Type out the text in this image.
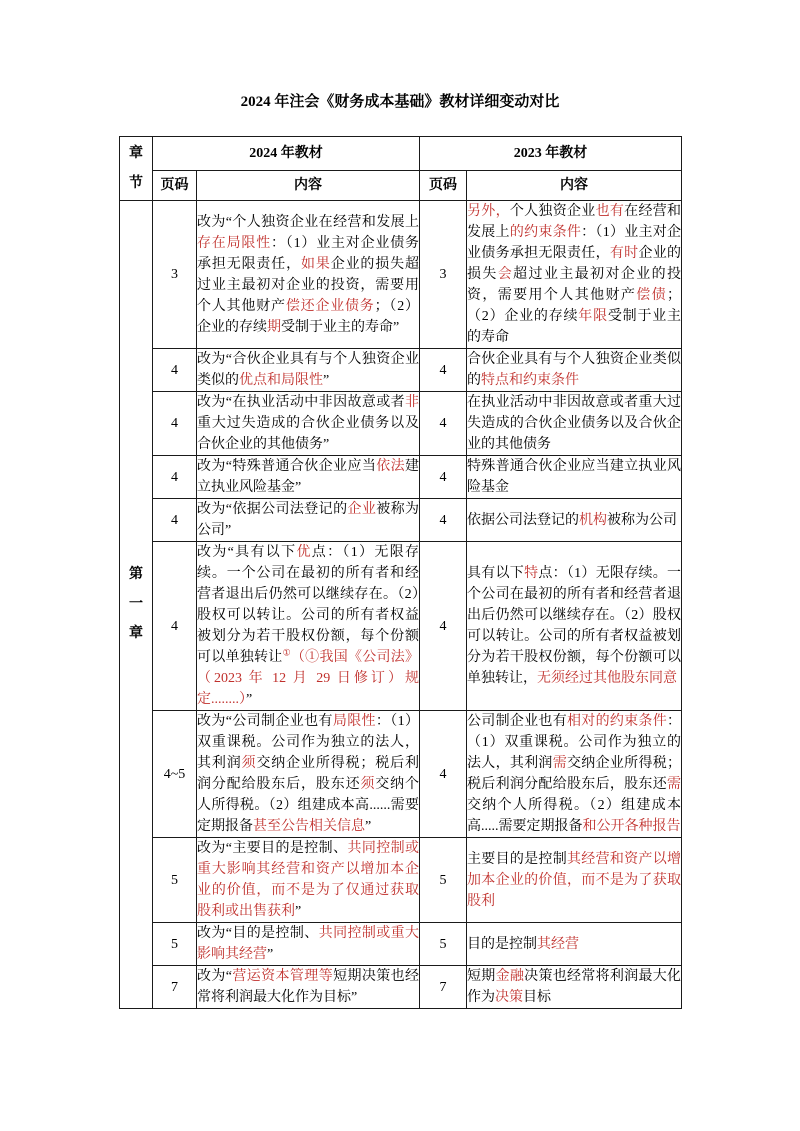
2024 年注会《财务成本基础》教材详细变动对比
章节	2024 年教材		2023 年教材	
	页码	内容	页码	内容
第一章	3	改为“个人独资企业在经营和发展上存在局限性：（1）业主对企业债务承担无限责任，如果企业的损失超过业主最初对企业的投资，需要用个人其他财产偿还企业债务；（2）企业的存续期受制于业主的寿命”	3	另外，个人独资企业也有在经营和发展上的约束条件：（1）业主对企业债务承担无限责任，有时企业的损失会超过业主最初对企业的投资，需要用个人其他财产偿债；（2）企业的存续年限受制于业主的寿命
	4	改为“合伙企业具有与个人独资企业类似的优点和局限性”	4	合伙企业具有与个人独资企业类似的特点和约束条件
	4	改为“在执业活动中非因故意或者非重大过失造成的合伙企业债务以及合伙企业的其他债务”	4	在执业活动中非因故意或者重大过失造成的合伙企业债务以及合伙企业的其他债务
	4	改为“特殊普通合伙企业应当依法建立执业风险基金”	4	特殊普通合伙企业应当建立执业风险基金
	4	改为“依据公司法登记的企业被称为公司”	4	依据公司法登记的机构被称为公司
	4	改为“具有以下优点：（1）无限存续。一个公司在最初的所有者和经营者退出后仍然可以继续存在。（2）股权可以转让。公司的所有者权益被划分为若干股权份额，每个份额可以单独转让①（①我国《公司法》（2023 年 12 月 29 日修订）规定........）”	4	具有以下特点：（1）无限存续。一个公司在最初的所有者和经营者退出后仍然可以继续存在。（2）股权可以转让。公司的所有者权益被划分为若干股权份额，每个份额可以单独转让，无须经过其他股东同意
	4~5	改为“公司制企业也有局限性：（1）双重课税。公司作为独立的法人，其利润须交纳企业所得税；税后利润分配给股东后，股东还须交纳个人所得税。（2）组建成本高......需要定期报备甚至公告相关信息”	4	公司制企业也有相对的约束条件：（1）双重课税。公司作为独立的法人，其利润需交纳企业所得税；税后利润分配给股东后，股东还需交纳个人所得税。（2）组建成本高.....需要定期报备和公开各种报告
	5	改为“主要目的是控制、共同控制或重大影响其经营和资产以增加本企业的价值，而不是为了仅通过获取股利或出售获利”	5	主要目的是控制其经营和资产以增加本企业的价值，而不是为了获取股利
	5	改为“目的是控制、共同控制或重大影响其经营”	5	目的是控制其经营
	7	改为“营运资本管理等短期决策也经常将利润最大化作为目标”	7	短期金融决策也经常将利润最大化作为决策目标
